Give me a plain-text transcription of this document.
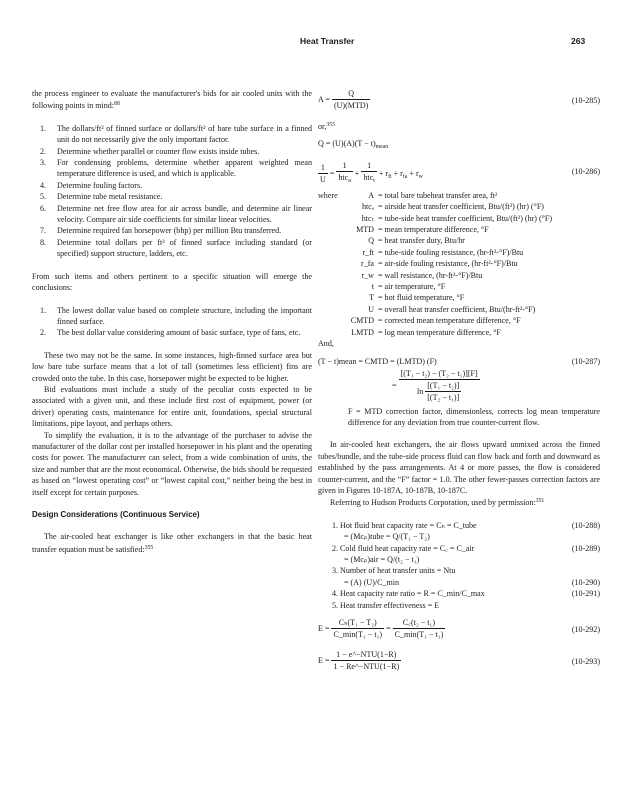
Heat Transfer	263

the process engineer to evaluate the manufacturer's bids for air cooled units with the following points in mind:$^{88}$

1. The dollars/ft² of finned surface or dollars/ft² of bare tube surface in a finned unit do not necessarily give the only important factor.
2. Determine whether parallel or counter flow exists inside tubes.
3. For condensing problems, determine whether apparent weighted mean temperature difference is used, and which is applicable.
4. Determine fouling factors.
5. Determine tube metal resistance.
6. Determine net free flow area for air across bundle, and determine air linear velocity. Compare air side coefficients for similar linear velocities.
7. Determine required fan horsepower (bhp) per million Btu transferred.
8. Determine total dollars per ft² of finned surface including standard (or specified) support structure, ladders, etc.

From such items and others pertinent to a specific situation will emerge the conclusions:

1. The lowest dollar value based on complete structure, including the important finned surface.
2. The best dollar value considering amount of basic surface, type of fans, etc.

These two may not be the same. In some instances, high-finned surface area but low bare tube surface means that a lot of tall (sometimes less efficient) fins are crowded onto the tube. In this case, horsepower might be expected to be higher.

Bid evaluations must include a study of the peculiar costs expected to be associated with a given unit, and these include first cost of equipment, power (or driver) operating costs, maintenance for entire unit, foundations, special structural limitations, pipe layout, and perhaps others.

To simplify the evaluation, it is to the advantage of the purchaser to advise the manufacturer of the dollar cost per installed horsepower in his plant and the operating costs for power. The manufacturer can select, from a wide combination of units, the size and number that are the most economical. Otherwise, the bids should be requested as based on “lowest operating cost” or “lowest capital cost,” neither being the best in itself except for certain purposes.

Design Considerations (Continuous Service)

The air-cooled heat exchanger is like other exchangers in that the basic heat transfer equation must be satisfied:$^{355}$

$A = \frac{Q}{\text{(U)(MTD)}}$	(10-285)
or,$^{355}$
$Q = (U)(A)(T - t)_{mean}$
$\frac{1}{U} = \frac{1}{htc_a} + \frac{1}{htc_t} + r_{ft} + r_{fa} + r_w$
(10-286)
where	A = total bare tubeheat transfer area, ft²
htcₐ = airside heat transfer coefficient, Btu/(ft²) (hr) (°F)
htcₜ = tube-side heat transfer coefficient, Btu/(ft²) (hr) (°F)
MTD = mean temperature difference, °F
Q = heat transfer duty, Btu/hr
r_ft = tube-side fouling resistance, (hr-ft²-°F)/Btu
r_fa = air-side fouling resistance, (hr-ft²-°F)/Btu
r_w = wall resistance, (hr-ft²-°F)/Btu
t = air temperature, °F
T = hot fluid temperature, °F
U = overall heat transfer coefficient, Btu/(hr-ft²-°F)
CMTD = corrected mean temperature difference, °F
LMTD = log mean temperature difference, °F
And,
(T − t)mean = CMTD = (LMTD) (F)	(10-287)
= $\frac{\text{[(T₁ − t₂) − (T₂ − t₁)][F]}}{\ln \frac{\text{[(T₁ − t₂)]}}{\text{[(T₂ − t₁)]}}}$

F = MTD correction factor, dimensionless, corrects log mean temperature difference for any deviation from true counter-current flow.

In air-cooled heat exchangers, the air flows upward unmixed across the finned tubes/bundle, and the tube-side process fluid can flow back and forth and downward as established by the pass arrangements. At 4 or more passes, the flow is considered counter-current, and the “F” factor = 1.0. The other fewer-passes correction factors are given in Figures 10-187A, 10-187B, 10-187C.

Referring to Hudson Products Corporation, used by permission:$^{351}$

1. Hot fluid heat capacity rate = Cₕ = C_tube	(10-288)
= (Mcₚ)tube = Q/(T₁ − T₂)
2. Cold fluid heat capacity rate = C꜀ = C_air	(10-289)
= (Mcₚ)air = Q/(t₂ − t₁)
3. Number of heat transfer units = Ntu
= (A) (U)/C_min	(10-290)
4. Heat capacity rate ratio = R = C_min/C_max	(10-291)
5. Heat transfer effectiveness = E
$E = \frac{\text{Cₕ(T₁ − T₂)}}{\text{C\_min(T₁ − t₁)}} = \frac{\text{C꜀(t₂ − t₁)}}{\text{C\_min(T₁ − t₁)}}$	(10-292)
$E = \frac{\text{1 − e\textasciicircum{}−NTU(1−R)}}{\text{1 − Re\textasciicircum{}−NTU(1−R)}}$	(10-293)
